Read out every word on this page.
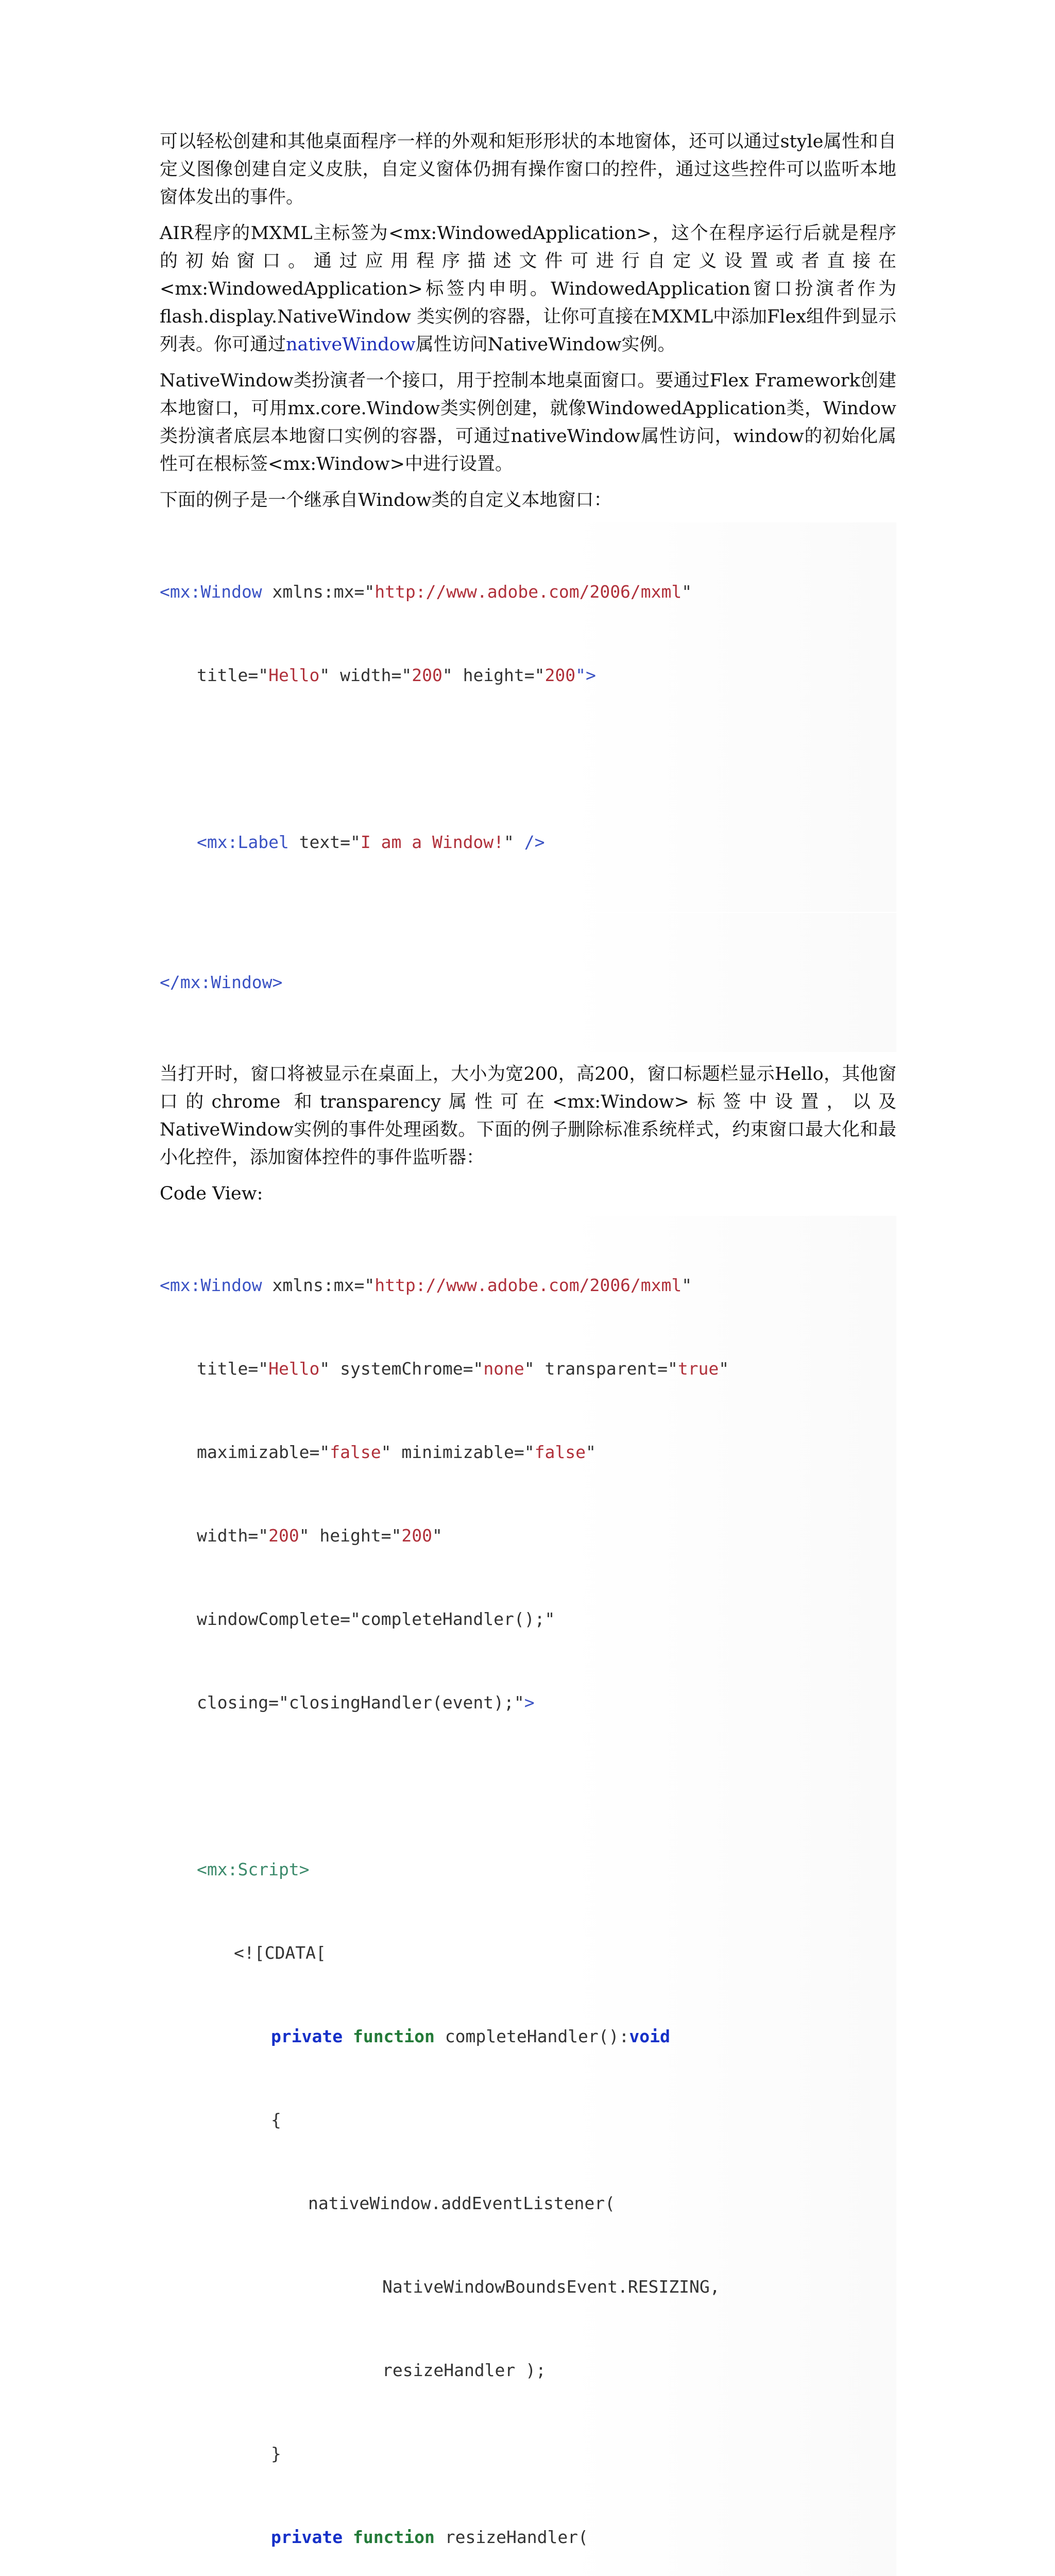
可以轻松创建和其他桌面程序一样的外观和矩形形状的本地窗体，还可以通过style属性和自定义图像创建自定义皮肤，自定义窗体仍拥有操作窗口的控件，通过这些控件可以监听本地窗体发出的事件。

AIR程序的MXML主标签为<mx:WindowedApplication>，这个在程序运行后就是程序的初始窗口。通过应用程序描述文件可进行自定义设置或者直接在<mx:WindowedApplication>标签内申明。WindowedApplication窗口扮演者作为flash.display.NativeWindow 类实例的容器，让你可直接在MXML中添加Flex组件到显示列表。你可通过nativeWindow属性访问NativeWindow实例。

NativeWindow类扮演者一个接口，用于控制本地桌面窗口。要通过Flex Framework创建本地窗口，可用mx.core.Window类实例创建，就像WindowedApplication类，Window类扮演者底层本地窗口实例的容器，可通过nativeWindow属性访问，window的初始化属性可在根标签<mx:Window>中进行设置。

下面的例子是一个继承自Window类的自定义本地窗口：

<mx:Window xmlns:mx="http://www.adobe.com/2006/mxml"

title="Hello" width="200" height="200">

<mx:Label text="I am a Window!" />

</mx:Window>

当打开时，窗口将被显示在桌面上，大小为宽200，高200，窗口标题栏显示Hello，其他窗口的chrome 和transparency属性可在<mx:Window>标签中设置，以及NativeWindow实例的事件处理函数。下面的例子删除标准系统样式，约束窗口最大化和最小化控件，添加窗体控件的事件监听器：

Code View:

<mx:Window xmlns:mx="http://www.adobe.com/2006/mxml"

title="Hello" systemChrome="none" transparent="true"

maximizable="false" minimizable="false"

width="200" height="200"

windowComplete="completeHandler();"

closing="closingHandler(event);">

<mx:Script>

<![CDATA[

private function completeHandler():void

{

nativeWindow.addEventListener(

NativeWindowBoundsEvent.RESIZING,

resizeHandler );

}

private function resizeHandler(
